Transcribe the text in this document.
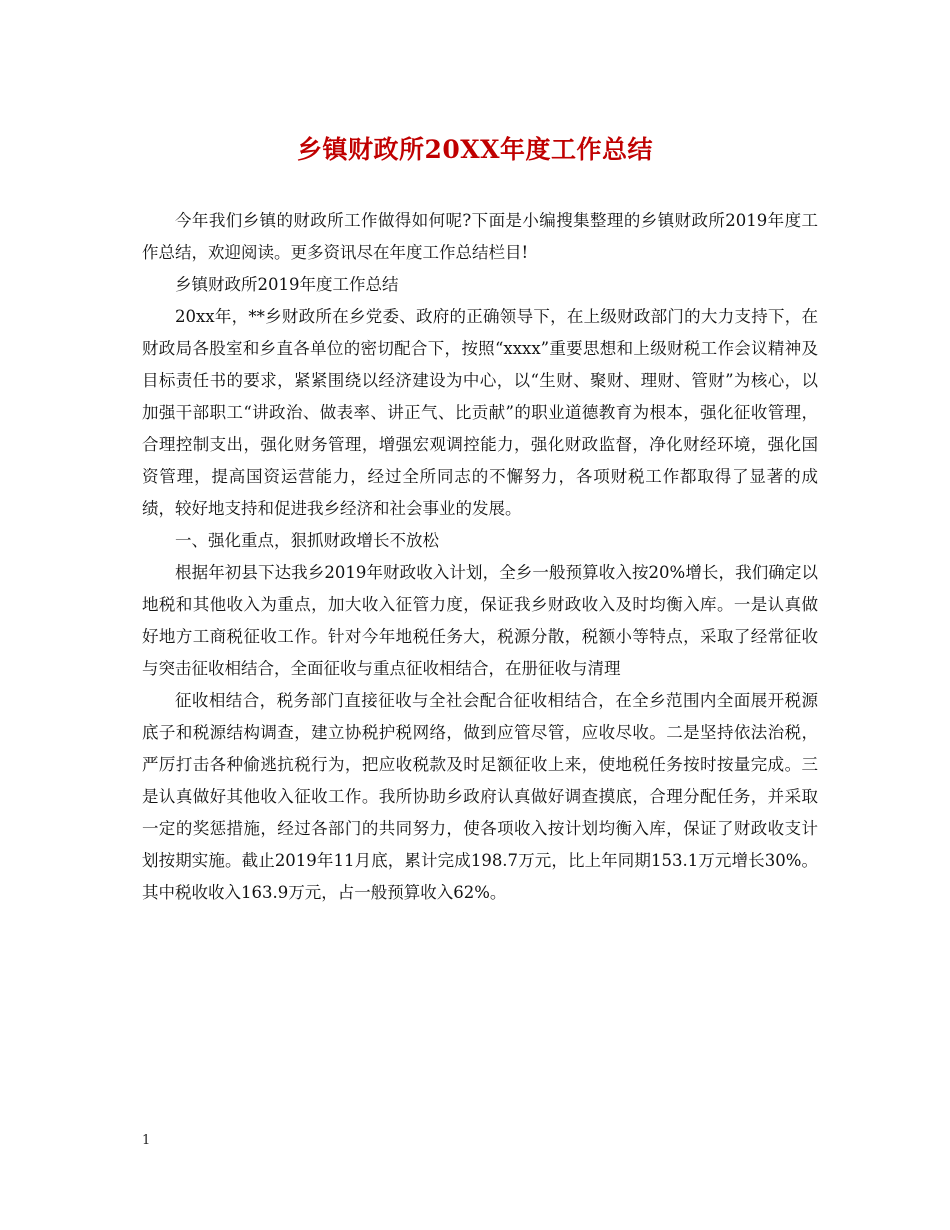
乡镇财政所20XX年度工作总结

今年我们乡镇的财政所工作做得如何呢?下面是小编搜集整理的乡镇财政所2019年度工作总结，欢迎阅读。更多资讯尽在年度工作总结栏目!

乡镇财政所2019年度工作总结

20xx年，**乡财政所在乡党委、政府的正确领导下，在上级财政部门的大力支持下，在财政局各股室和乡直各单位的密切配合下，按照“xxxx”重要思想和上级财税工作会议精神及目标责任书的要求，紧紧围绕以经济建设为中心，以“生财、聚财、理财、管财”为核心，以加强干部职工“讲政治、做表率、讲正气、比贡献”的职业道德教育为根本，强化征收管理，合理控制支出，强化财务管理，增强宏观调控能力，强化财政监督，净化财经环境，强化国资管理，提高国资运营能力，经过全所同志的不懈努力，各项财税工作都取得了显著的成绩，较好地支持和促进我乡经济和社会事业的发展。

一、强化重点，狠抓财政增长不放松

根据年初县下达我乡2019年财政收入计划，全乡一般预算收入按20%增长，我们确定以地税和其他收入为重点，加大收入征管力度，保证我乡财政收入及时均衡入库。一是认真做好地方工商税征收工作。针对今年地税任务大，税源分散，税额小等特点，采取了经常征收与突击征收相结合，全面征收与重点征收相结合，在册征收与清理

征收相结合，税务部门直接征收与全社会配合征收相结合，在全乡范围内全面展开税源底子和税源结构调查，建立协税护税网络，做到应管尽管，应收尽收。二是坚持依法治税，严厉打击各种偷逃抗税行为，把应收税款及时足额征收上来，使地税任务按时按量完成。三是认真做好其他收入征收工作。我所协助乡政府认真做好调查摸底，合理分配任务，并采取一定的奖惩措施，经过各部门的共同努力，使各项收入按计划均衡入库，保证了财政收支计划按期实施。截止2019年11月底，累计完成198.7万元，比上年同期153.1万元增长30%。其中税收收入163.9万元，占一般预算收入62%。

1
